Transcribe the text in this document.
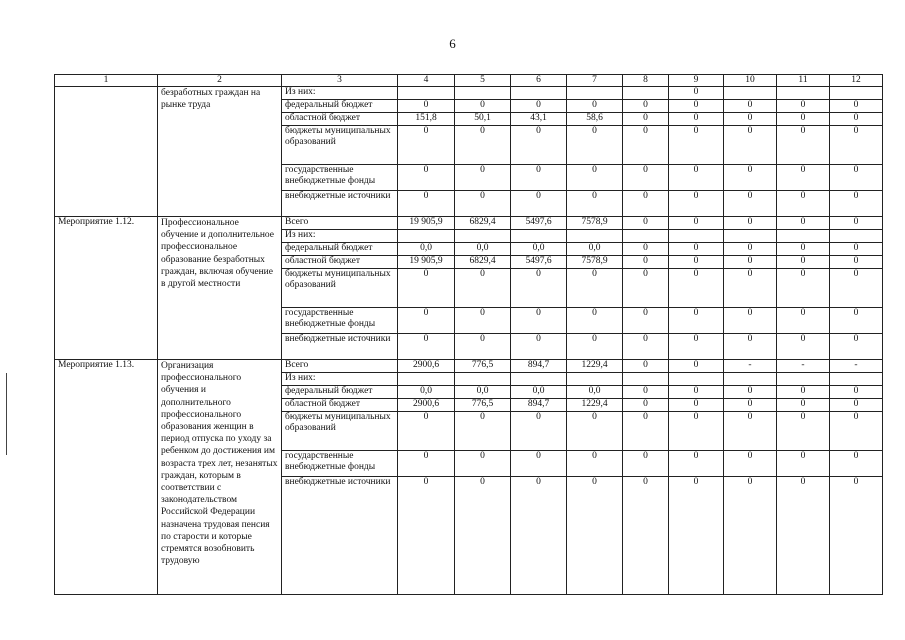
6
1	2	3	4	5	6	7	8	9	10	11	12
	безработных граждан на рынке труда	Из них:						0			
		федеральный бюджет	0	0	0	0	0	0	0	0	0
		областной бюджет	151,8	50,1	43,1	58,6	0	0	0	0	0
		бюджеты муниципальных образований	0	0	0	0	0	0	0	0	0
		государственные внебюджетные фонды	0	0	0	0	0	0	0	0	0
		внебюджетные источники	0	0	0	0	0	0	0	0	0
Мероприятие 1.12.	Профессиональное обучение и дополнительное профессиональное образование безработных граждан, включая обучение в другой местности	Всего	19 905,9	6829,4	5497,6	7578,9	0	0	0	0	0
		Из них:									
		федеральный бюджет	0,0	0,0	0,0	0,0	0	0	0	0	0
		областной бюджет	19 905,9	6829,4	5497,6	7578,9	0	0	0	0	0
		бюджеты муниципальных образований	0	0	0	0	0	0	0	0	0
		государственные внебюджетные фонды	0	0	0	0	0	0	0	0	0
		внебюджетные источники	0	0	0	0	0	0	0	0	0
Мероприятие 1.13.	Организация профессионального обучения и дополнительного профессионального образования женщин в период отпуска по уходу за ребенком до достижения им возраста трех лет, незанятых граждан, которым в соответствии с законодательством Российской Федерации назначена трудовая пенсия по старости и которые стремятся возобновить трудовую	Всего	2900,6	776,5	894,7	1229,4	0	0	-	-	-
		Из них:									
		федеральный бюджет	0,0	0,0	0,0	0,0	0	0	0	0	0
		областной бюджет	2900,6	776,5	894,7	1229,4	0	0	0	0	0
		бюджеты муниципальных образований	0	0	0	0	0	0	0	0	0
		государственные внебюджетные фонды	0	0	0	0	0	0	0	0	0
		внебюджетные источники	0	0	0	0	0	0	0	0	0
